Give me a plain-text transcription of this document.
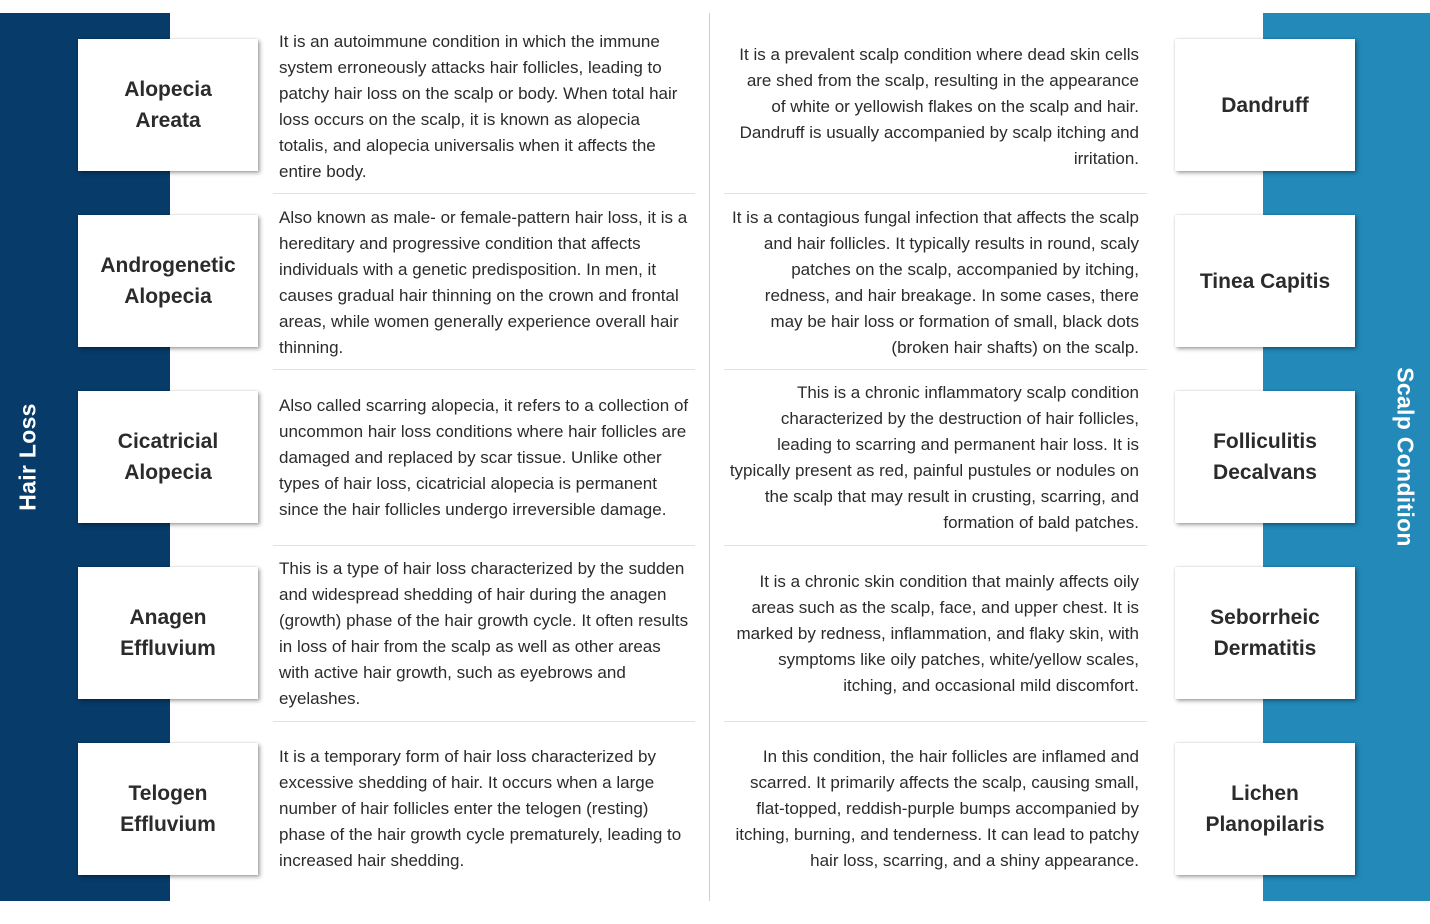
Hair Loss	Scalp Condition
Alopecia Areata
It is an autoimmune condition in which the immune system erroneously attacks hair follicles, leading to patchy hair loss on the scalp or body. When total hair loss occurs on the scalp, it is known as alopecia totalis, and alopecia universalis when it affects the entire body.
Androgenetic Alopecia
Also known as male- or female-pattern hair loss, it is a hereditary and progressive condition that affects individuals with a genetic predisposition. In men, it causes gradual hair thinning on the crown and frontal areas, while women generally experience overall hair thinning.
Cicatricial Alopecia
Also called scarring alopecia, it refers to a collection of uncommon hair loss conditions where hair follicles are damaged and replaced by scar tissue. Unlike other types of hair loss, cicatricial alopecia is permanent since the hair follicles undergo irreversible damage.
Anagen Effluvium
This is a type of hair loss characterized by the sudden and widespread shedding of hair during the anagen (growth) phase of the hair growth cycle. It often results in loss of hair from the scalp as well as other areas with active hair growth, such as eyebrows and eyelashes.
Telogen Effluvium
It is a temporary form of hair loss characterized by excessive shedding of hair. It occurs when a large number of hair follicles enter the telogen (resting) phase of the hair growth cycle prematurely, leading to increased hair shedding.
Dandruff
It is a prevalent scalp condition where dead skin cells are shed from the scalp, resulting in the appearance of white or yellowish flakes on the scalp and hair. Dandruff is usually accompanied by scalp itching and irritation.
Tinea Capitis
It is a contagious fungal infection that affects the scalp and hair follicles. It typically results in round, scaly patches on the scalp, accompanied by itching, redness, and hair breakage. In some cases, there may be hair loss or formation of small, black dots (broken hair shafts) on the scalp.
Folliculitis Decalvans
This is a chronic inflammatory scalp condition characterized by the destruction of hair follicles, leading to scarring and permanent hair loss. It is typically present as red, painful pustules or nodules on the scalp that may result in crusting, scarring, and formation of bald patches.
Seborrheic Dermatitis
It is a chronic skin condition that mainly affects oily areas such as the scalp, face, and upper chest. It is marked by redness, inflammation, and flaky skin, with symptoms like oily patches, white/yellow scales, itching, and occasional mild discomfort.
Lichen Planopilaris
In this condition, the hair follicles are inflamed and scarred. It primarily affects the scalp, causing small, flat-topped, reddish-purple bumps accompanied by itching, burning, and tenderness. It can lead to patchy hair loss, scarring, and a shiny appearance.
